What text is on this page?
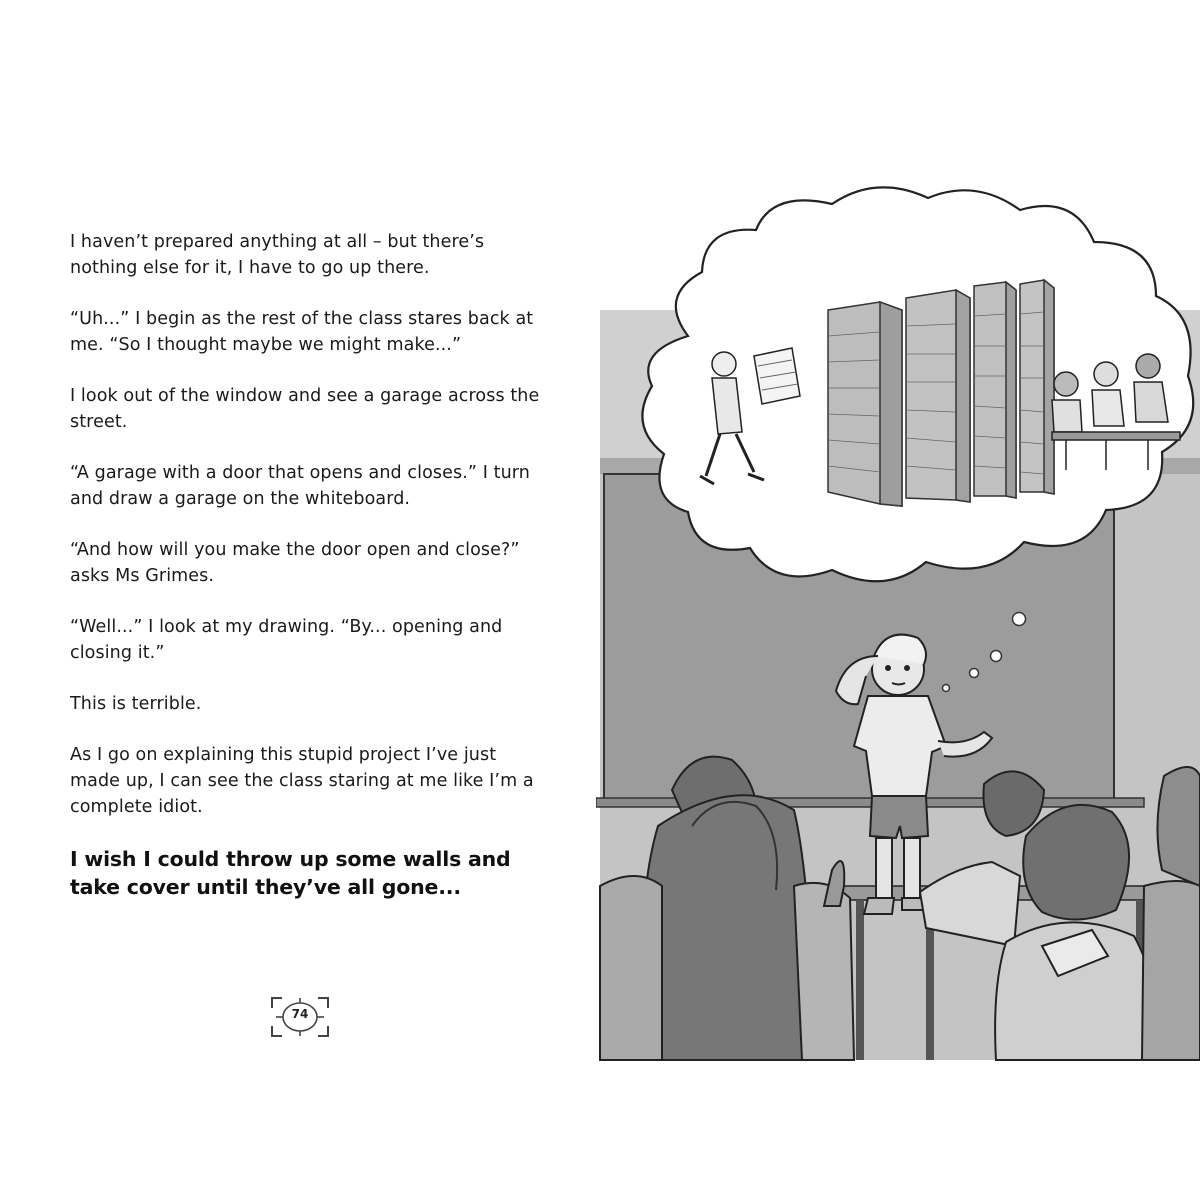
I haven’t prepared anything at all – but there’s nothing else for it, I have to go up there.

“Uh...” I begin as the rest of the class stares back at me. “So I thought maybe we might make...”

I look out of the window and see a garage across the street.

“A garage with a door that opens and closes.” I turn and draw a garage on the whiteboard.

“And how will you make the door open and close?” asks Ms Grimes.

“Well...” I look at my drawing. “By... opening and closing it.”

This is terrible.

As I go on explaining this stupid project I’ve just made up, I can see the class staring at me like I’m a complete idiot.

I wish I could throw up some walls and take cover until they’ve all gone...

74
